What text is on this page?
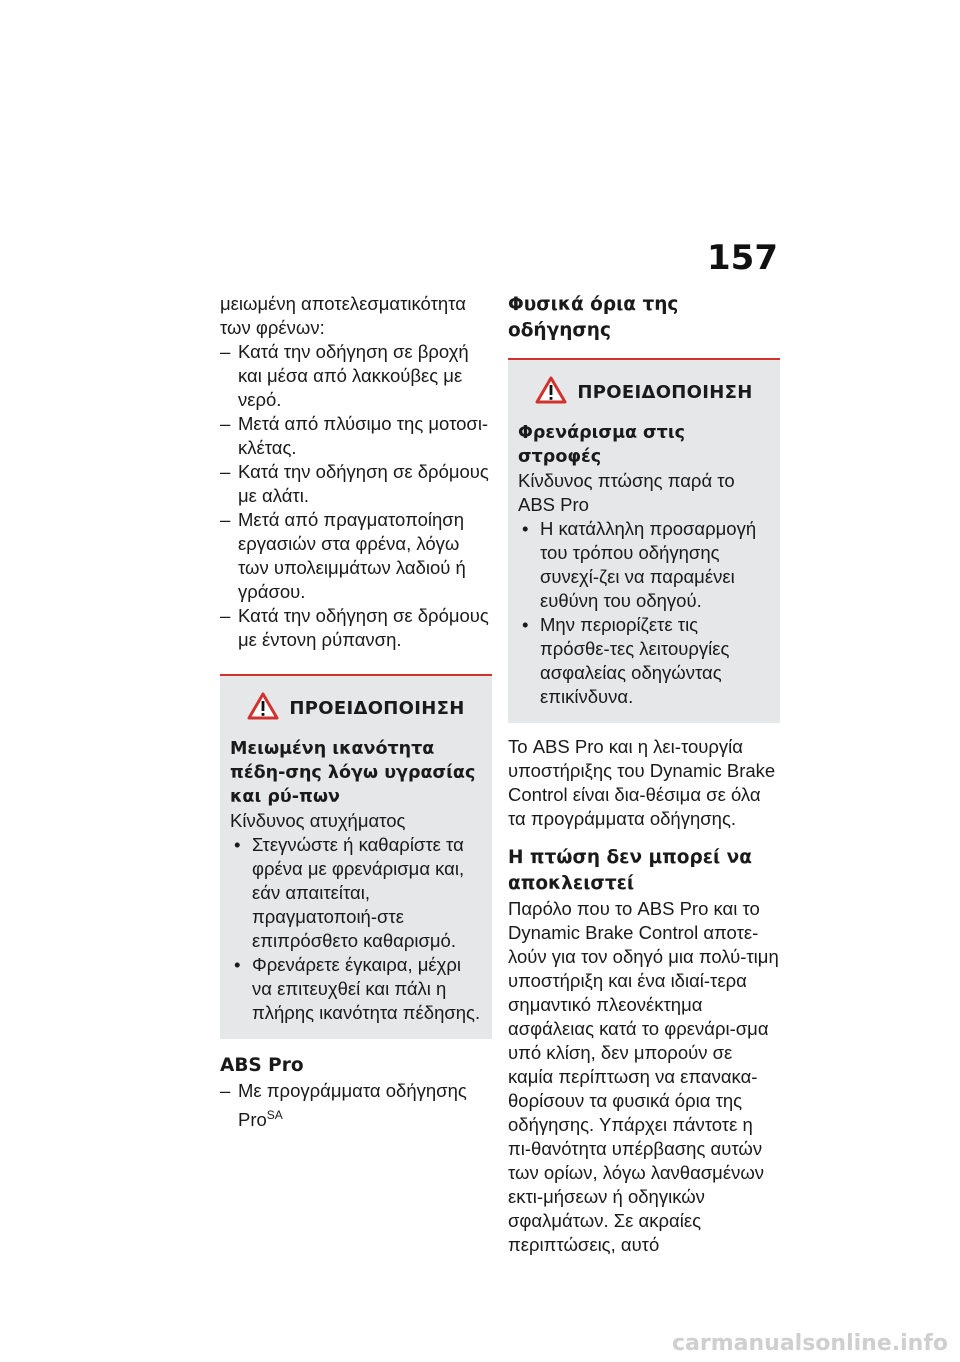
157
μειωμένη αποτελεσματικότητα
των φρένων:
– Κατά την οδήγηση σε βροχή και μέσα από λακκούβες με νερό.
– Μετά από πλύσιμο της μοτοσι-κλέτας.
– Κατά την οδήγηση σε δρόμους με αλάτι.
– Μετά από πραγματοποίηση εργασιών στα φρένα, λόγω των υπολειμμάτων λαδιού ή γράσου.
– Κατά την οδήγηση σε δρόμους με έντονη ρύπανση.
ΠΡΟΕΙΔΟΠΟΙΗΣΗ
Μειωμένη ικανότητα πέδη-σης λόγω υγρασίας και ρύ-πων
Κίνδυνος ατυχήματος
• Στεγνώστε ή καθαρίστε τα φρένα με φρενάρισμα και, εάν απαιτείται, πραγματοποιή-στε επιπρόσθετο καθαρισμό.
• Φρενάρετε έγκαιρα, μέχρι να επιτευχθεί και πάλι η πλήρης ικανότητα πέδησης.
ABS Pro
– Με προγράμματα οδήγησης Pro$^{SA}$
Φυσικά όρια της οδήγησης
ΠΡΟΕΙΔΟΠΟΙΗΣΗ
Φρενάρισμα στις στροφές
Κίνδυνος πτώσης παρά το ABS Pro
• Η κατάλληλη προσαρμογή του τρόπου οδήγησης συνεχί-ζει να παραμένει ευθύνη του οδηγού.
• Μην περιορίζετε τις πρόσθε-τες λειτουργίες ασφαλείας οδηγώντας επικίνδυνα.
Το ABS Pro και η λει-τουργία υποστήριξης του Dynamic Brake Control είναι δια-θέσιμα σε όλα τα προγράμματα οδήγησης.
Η πτώση δεν μπορεί να αποκλειστεί
Παρόλο που το ABS Pro και το Dynamic Brake Control αποτε-λούν για τον οδηγό μια πολύ-τιμη υποστήριξη και ένα ιδιαί-τερα σημαντικό πλεονέκτημα ασφάλειας κατά το φρενάρι-σμα υπό κλίση, δεν μπορούν σε καμία περίπτωση να επανακα-θορίσουν τα φυσικά όρια της οδήγησης. Υπάρχει πάντοτε η πι-θανότητα υπέρβασης αυτών των ορίων, λόγω λανθασμένων εκτι-μήσεων ή οδηγικών σφαλμάτων. Σε ακραίες περιπτώσεις, αυτό
carmanualsonline.info
